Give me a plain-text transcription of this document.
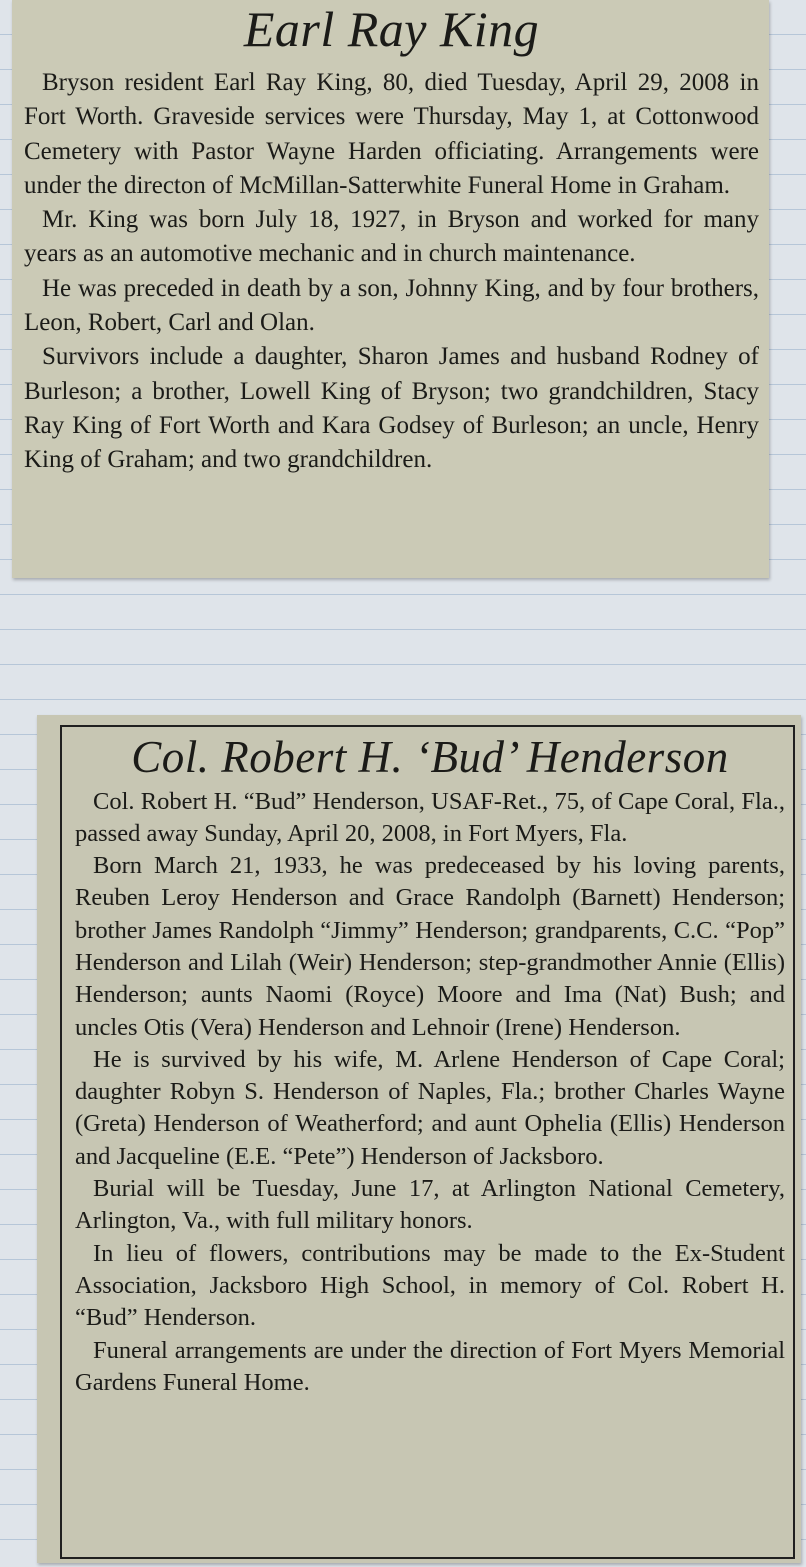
Earl Ray King

Bryson resident Earl Ray King, 80, died Tuesday, April 29, 2008 in Fort Worth. Graveside services were Thursday, May 1, at Cottonwood Cemetery with Pastor Wayne Harden officiating. Arrangements were under the directon of McMillan-Satterwhite Funeral Home in Graham.

Mr. King was born July 18, 1927, in Bryson and worked for many years as an automotive mechanic and in church maintenance.

He was preceded in death by a son, Johnny King, and by four brothers, Leon, Robert, Carl and Olan.

Survivors include a daughter, Sharon James and husband Rodney of Burleson; a brother, Lowell King of Bryson; two grandchildren, Stacy Ray King of Fort Worth and Kara Godsey of Burleson; an uncle, Henry King of Graham; and two grandchildren.

Col. Robert H. ‘Bud’ Henderson

Col. Robert H. “Bud” Henderson, USAF-Ret., 75, of Cape Coral, Fla., passed away Sunday, April 20, 2008, in Fort Myers, Fla.

Born March 21, 1933, he was predeceased by his loving parents, Reuben Leroy Henderson and Grace Randolph (Barnett) Henderson; brother James Randolph “Jimmy” Henderson; grandparents, C.C. “Pop” Henderson and Lilah (Weir) Henderson; step-grandmother Annie (Ellis) Henderson; aunts Naomi (Royce) Moore and Ima (Nat) Bush; and uncles Otis (Vera) Henderson and Lehnoir (Irene) Henderson.

He is survived by his wife, M. Arlene Henderson of Cape Coral; daughter Robyn S. Henderson of Naples, Fla.; brother Charles Wayne (Greta) Henderson of Weatherford; and aunt Ophelia (Ellis) Henderson and Jacqueline (E.E. “Pete”) Henderson of Jacksboro.

Burial will be Tuesday, June 17, at Arlington National Cemetery, Arlington, Va., with full military honors.

In lieu of flowers, contributions may be made to the Ex-Student Association, Jacksboro High School, in memory of Col. Robert H. “Bud” Henderson.

Funeral arrangements are under the direction of Fort Myers Memorial Gardens Funeral Home.
